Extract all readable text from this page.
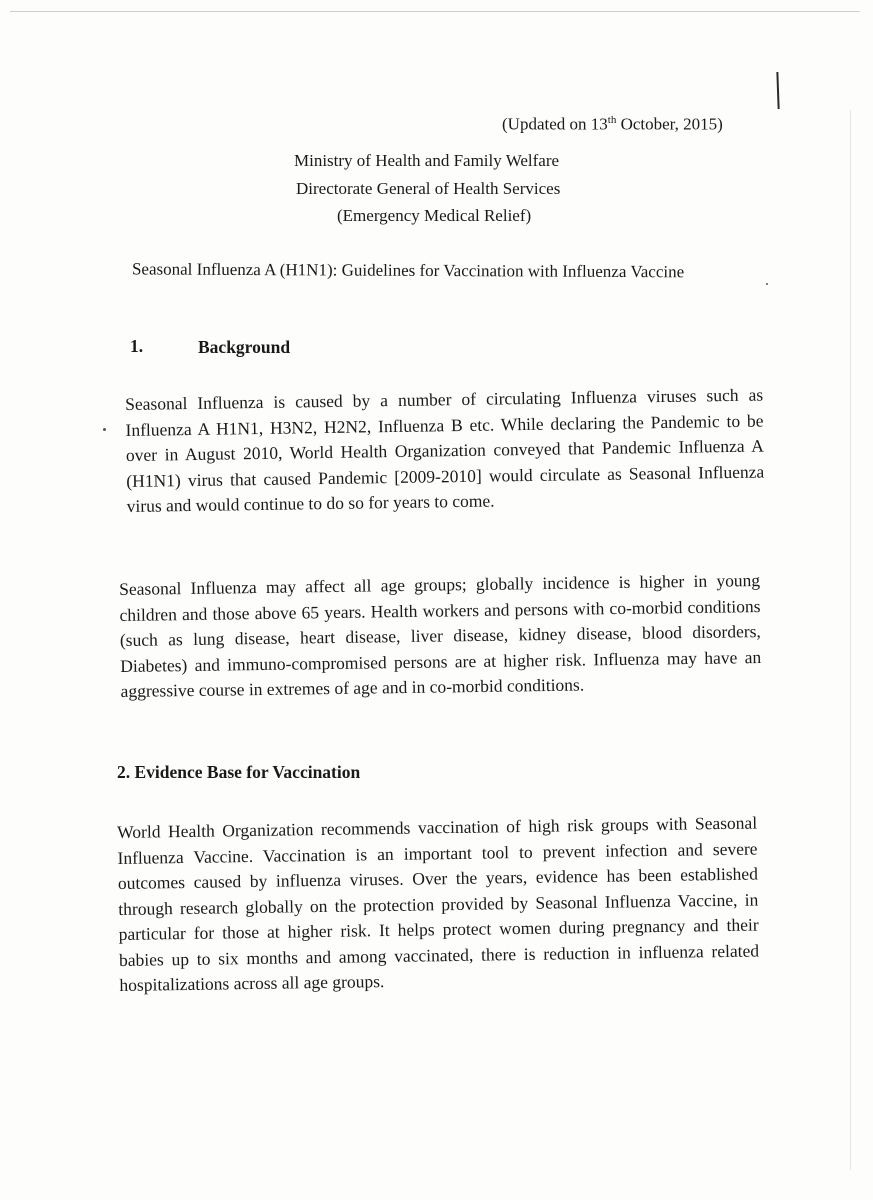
(Updated on 13th October, 2015)
Ministry of Health and Family Welfare
Directorate General of Health Services
(Emergency Medical Relief)
Seasonal Influenza A (H1N1): Guidelines for Vaccination with Influenza Vaccine
1.	Background
Seasonal Influenza is caused by a number of circulating Influenza viruses such as Influenza A H1N1, H3N2, H2N2, Influenza B etc. While declaring the Pandemic to be over in August 2010, World Health Organization conveyed that Pandemic Influenza A (H1N1) virus that caused Pandemic [2009-2010] would circulate as Seasonal Influenza virus and would continue to do so for years to come.
Seasonal Influenza may affect all age groups; globally incidence is higher in young children and those above 65 years. Health workers and persons with co-morbid conditions (such as lung disease, heart disease, liver disease, kidney disease, blood disorders, Diabetes) and immuno-compromised persons are at higher risk. Influenza may have an aggressive course in extremes of age and in co-morbid conditions.
2. Evidence Base for Vaccination
World Health Organization recommends vaccination of high risk groups with Seasonal Influenza Vaccine. Vaccination is an important tool to prevent infection and severe outcomes caused by influenza viruses. Over the years, evidence has been established through research globally on the protection provided by Seasonal Influenza Vaccine, in particular for those at higher risk. It helps protect women during pregnancy and their babies up to six months and among vaccinated, there is reduction in influenza related hospitalizations across all age groups.
